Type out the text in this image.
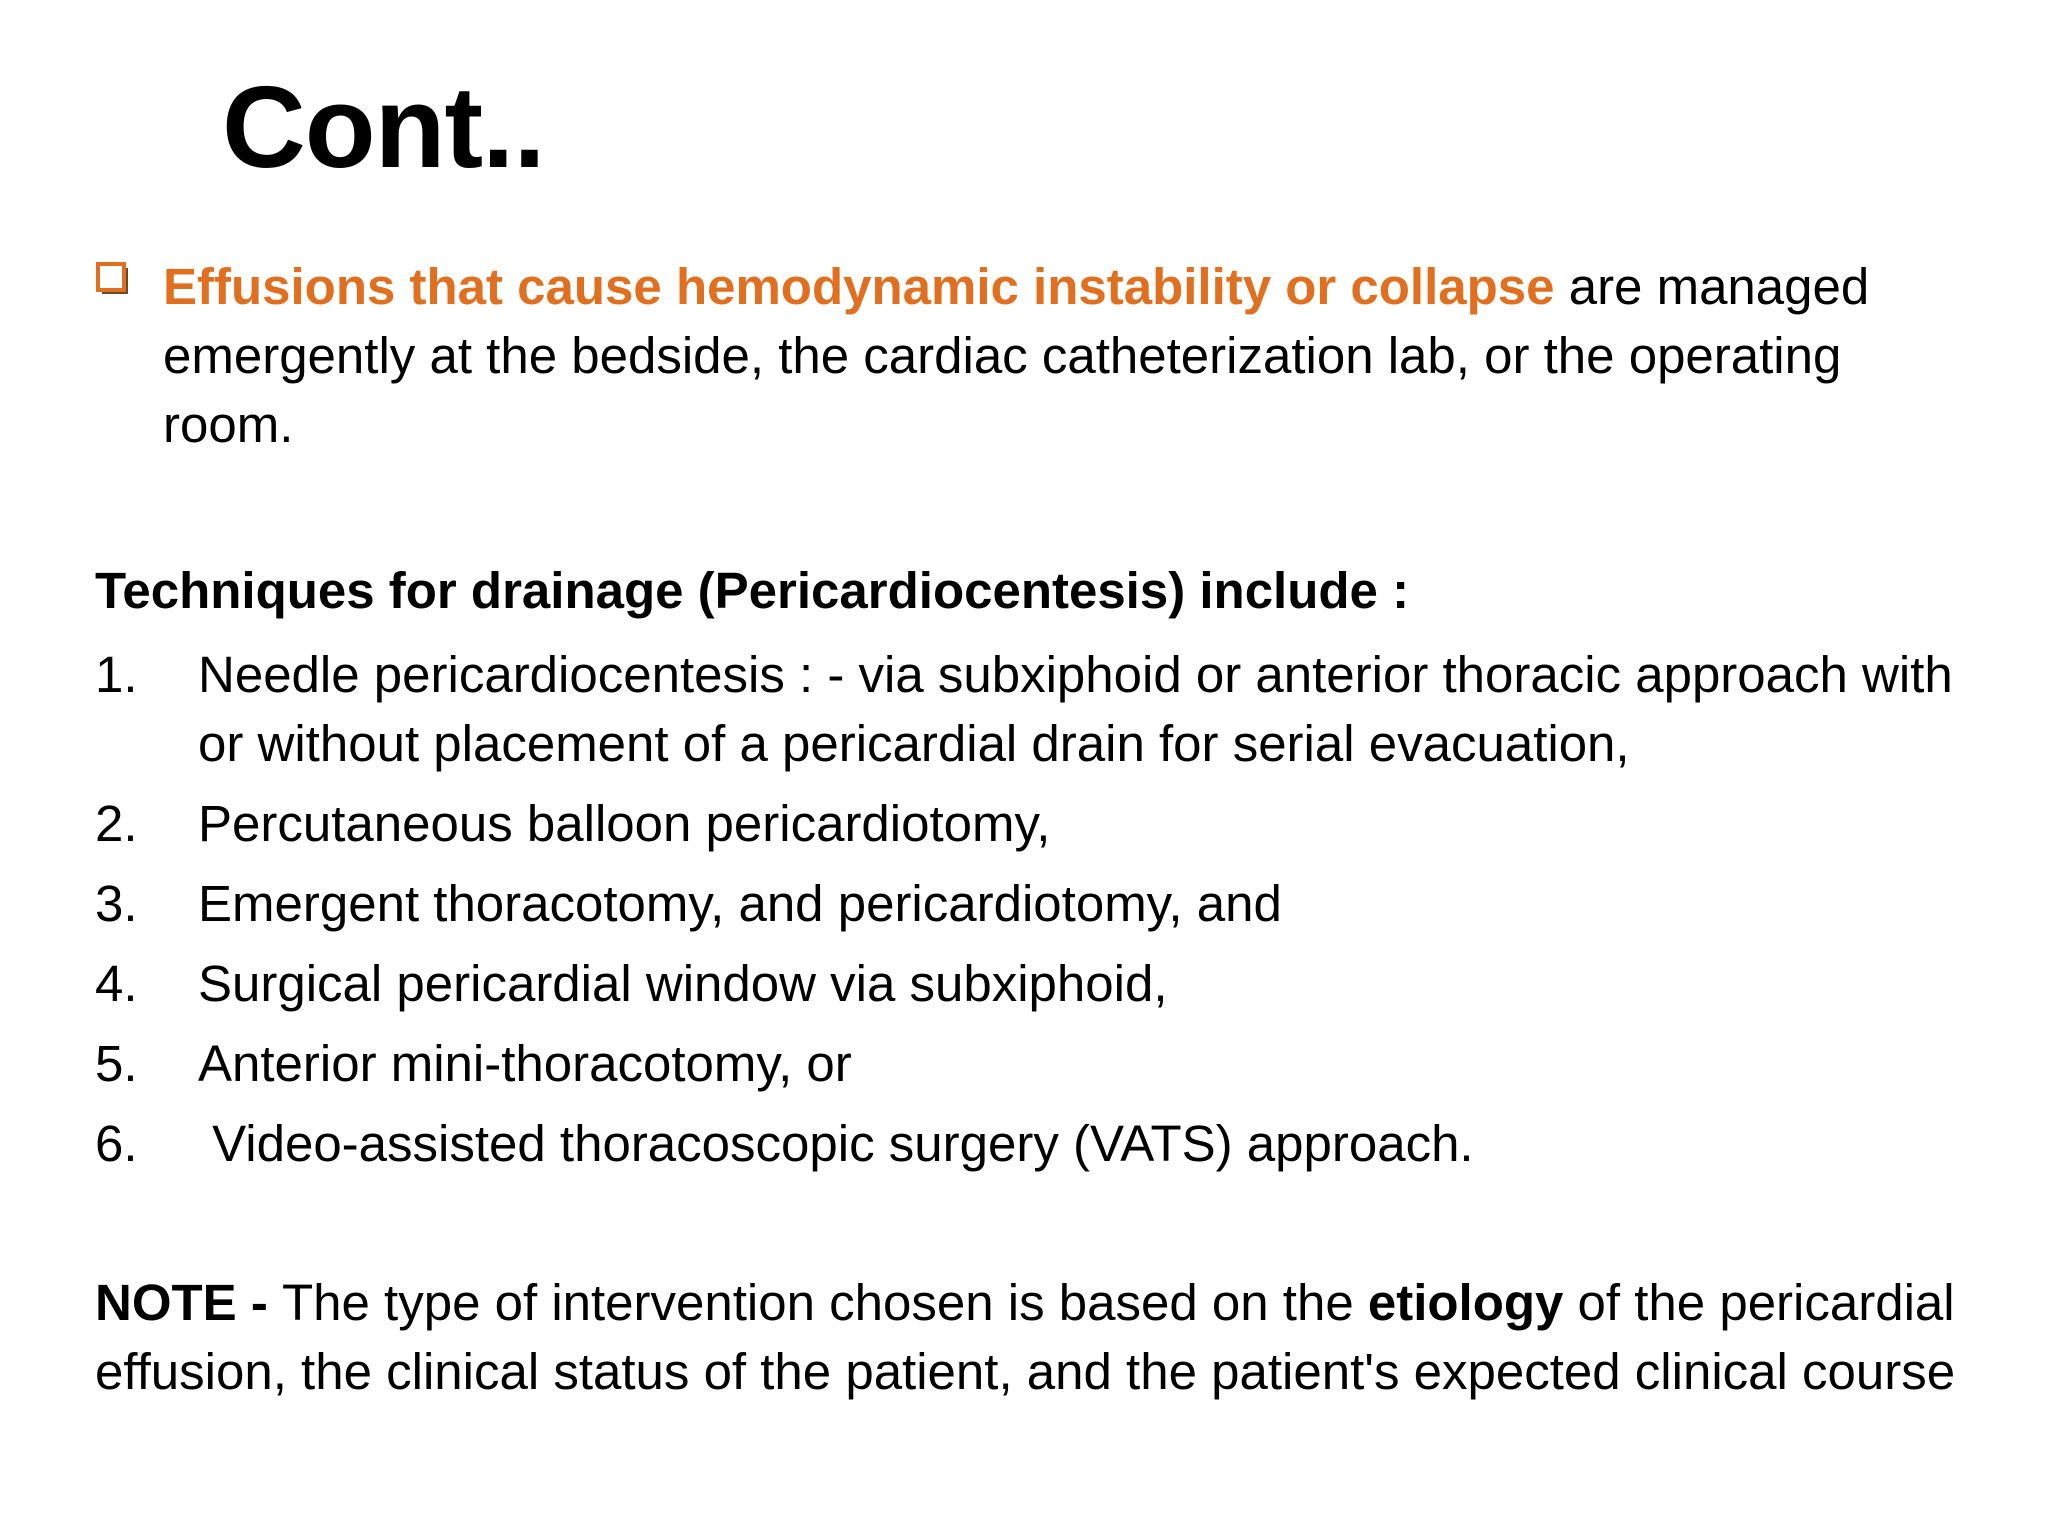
Cont..
Effusions that cause hemodynamic instability or collapse are managed emergently at the bedside, the cardiac catheterization lab, or the operating room.
Techniques for drainage (Pericardiocentesis) include :
1. Needle pericardiocentesis : - via subxiphoid or anterior thoracic approach with or without placement of a pericardial drain for serial evacuation,
2. Percutaneous balloon pericardiotomy,
3. Emergent thoracotomy, and pericardiotomy, and
4. Surgical pericardial window via subxiphoid,
5. Anterior mini-thoracotomy, or
6. Video-assisted thoracoscopic surgery (VATS) approach.
NOTE - The type of intervention chosen is based on the etiology of the pericardial effusion, the clinical status of the patient, and the patient's expected clinical course
